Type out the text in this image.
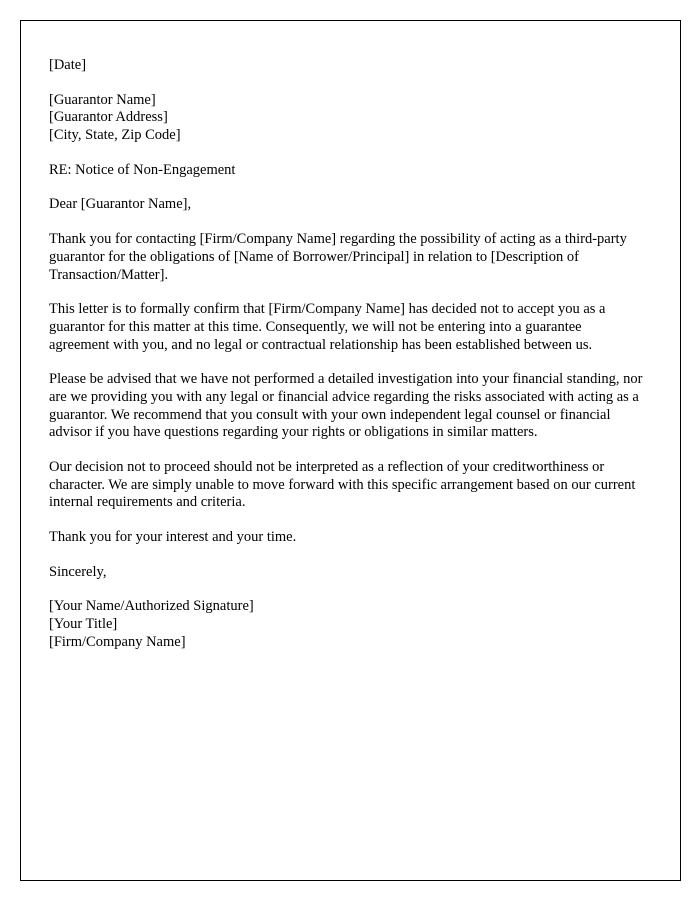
[Date]
[Guarantor Name]
[Guarantor Address]
[City, State, Zip Code]
RE: Notice of Non-Engagement
Dear [Guarantor Name],

Thank you for contacting [Firm/Company Name] regarding the possibility of acting as a third-party guarantor for the obligations of [Name of Borrower/Principal] in relation to [Description of Transaction/Matter].

This letter is to formally confirm that [Firm/Company Name] has decided not to accept you as a guarantor for this matter at this time. Consequently, we will not be entering into a guarantee agreement with you, and no legal or contractual relationship has been established between us.

Please be advised that we have not performed a detailed investigation into your financial standing, nor are we providing you with any legal or financial advice regarding the risks associated with acting as a guarantor. We recommend that you consult with your own independent legal counsel or financial advisor if you have questions regarding your rights or obligations in similar matters.

Our decision not to proceed should not be interpreted as a reflection of your creditworthiness or character. We are simply unable to move forward with this specific arrangement based on our current internal requirements and criteria.

Thank you for your interest and your time.

Sincerely,
[Your Name/Authorized Signature]
[Your Title]
[Firm/Company Name]
